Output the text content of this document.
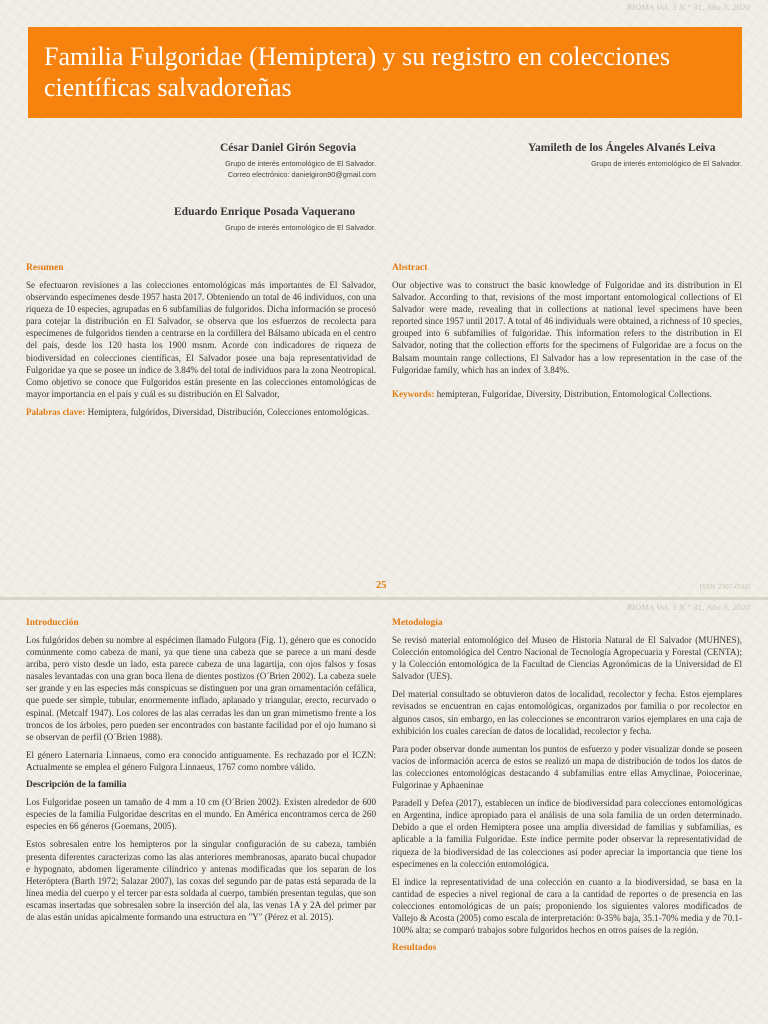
BIOMA Vol. 3 N.° 31, Año 3, 2020
Familia Fulgoridae (Hemiptera) y su registro en colecciones científicas salvadoreñas
César Daniel Girón Segovia
Grupo de interés entomológico de El Salvador.
Correo electrónico: danielgiron90@gmail.com
Yamileth de los Ángeles Alvanés Leiva
Grupo de interés entomológico de El Salvador.
Eduardo Enrique Posada Vaquerano
Grupo de interés entomológico de El Salvador.
Resumen

Se efectuaron revisiones a las colecciones entomológicas más importantes de El Salvador, observando especímenes desde 1957 hasta 2017. Obteniendo un total de 46 individuos, con una riqueza de 10 especies, agrupadas en 6 subfamilias de fulgoridos. Dicha información se procesó para cotejar la distribución en El Salvador, se observa que los esfuerzos de recolecta para especímenes de fulgoridos tienden a centrarse en la cordillera del Bálsamo ubicada en el centro del país, desde los 120 hasta los 1900 msnm. Acorde con indicadores de riqueza de biodiversidad en colecciones científicas, El Salvador posee una baja representatividad de Fulgoridae ya que se posee un índice de 3.84% del total de individuos para la zona Neotropical. Como objetivo se conoce que Fulgoridos están presente en las colecciones entomológicas de mayor importancia en el país y cuál es su distribución en El Salvador,

Palabras clave: Hemiptera, fulgóridos, Diversidad, Distribución, Colecciones entomológicas.

Abstract

Our objective was to construct the basic knowledge of Fulgoridae and its distribution in El Salvador. According to that, revisions of the most important entomological collections of El Salvador were made, revealing that in collections at national level specimens have been reported since 1957 until 2017. A total of 46 individuals were obtained, a richness of 10 species, grouped into 6 subfamilies of fulgoridae. This information refers to the distribution in El Salvador, noting that the collection efforts for the specimens of Fulgoridae are a focus on the Balsam mountain range collections, El Salvador has a low representation in the case of the Fulgoridae family, which has an index of 3.84%.

Keywords: hemipteran, Fulgoridae, Diversity, Distribution, Entomological Collections.

25	ISSN 2307-0560
BIOMA Vol. 3 N.° 31, Año 3, 2020
Introducción

Los fulgóridos deben su nombre al espécimen llamado Fulgora (Fig. 1), género que es conocido comúnmente como cabeza de maní, ya que tiene una cabeza que se parece a un maní desde arriba, pero visto desde un lado, esta parece cabeza de una lagartija, con ojos falsos y fosas nasales levantadas con una gran boca llena de dientes postizos (O´Brien 2002). La cabeza suele ser grande y en las especies más conspicuas se distinguen por una gran ornamentación cefálica, que puede ser simple, tubular, enormemente inflado, aplanado y triangular, erecto, recurvado o espinal. (Metcalf 1947). Los colores de las alas cerradas les dan un gran mimetismo frente a los troncos de los árboles, pero pueden ser encontrados con bastante facilidad por el ojo humano si se observan de perfil (O´Brien 1988).

El género Laternaria Linnaeus, como era conocido antiguamente. Es rechazado por el ICZN: Actualmente se emplea el género Fulgora Linnaeus, 1767 como nombre válido.

Descripción de la familia

Los Fulgoridae poseen un tamaño de 4 mm a 10 cm (O´Brien 2002). Existen alrededor de 600 especies de la familia Fulgoridae descritas en el mundo. En América encontramos cerca de 260 especies en 66 géneros (Goemans, 2005).

Estos sobresalen entre los hemipteros por la singular configuración de su cabeza, también presenta diferentes caracterizas como las alas anteriores membranosas, aparato bucal chupador e hypognato, abdomen ligeramente cilíndrico y antenas modificadas que los separan de los Heteróptera (Barth 1972; Salazar 2007), las coxas del segundo par de patas está separada de la línea media del cuerpo y el tercer par esta soldada al cuerpo, también presentan tegulas, que son escamas insertadas que sobresalen sobre la inserción del ala, las venas 1A y 2A del primer par de alas están unidas apicalmente formando una estructura en "Y" (Pérez et al. 2015).

Metodología

Se revisó material entomológico del Museo de Historia Natural de El Salvador (MUHNES), Colección entomológica del Centro Nacional de Tecnología Agropecuaria y Forestal (CENTA); y la Colección entomológica de la Facultad de Ciencias Agronómicas de la Universidad de El Salvador (UES).

Del material consultado se obtuvieron datos de localidad, recolector y fecha. Estos ejemplares revisados se encuentran en cajas entomológicas, organizados por familia o por recolector en algunos casos, sin embargo, en las colecciones se encontraron varios ejemplares en una caja de exhibición los cuales carecían de datos de localidad, recolector y fecha.

Para poder observar donde aumentan los puntos de esfuerzo y poder visualizar donde se poseen vacíos de información acerca de estos se realizó un mapa de distribución de todos los datos de las colecciones entomológicas destacando 4 subfamilias entre ellas Amyclinae, Poiocerinae, Fulgorinae y Aphaeninae

Paradell y Defea (2017), establecen un índice de biodiversidad para colecciones entomológicas en Argentina, índice apropiado para el análisis de una sola familia de un orden determinado. Debido a que el orden Hemiptera posee una amplia diversidad de familias y subfamilias, es aplicable a la familia Fulgoridae. Este índice permite poder observar la representatividad de riqueza de la biodiversidad de las colecciones así poder apreciar la importancia que tiene los especímenes en la colección entomológica.

El índice la representatividad de una colección en cuanto a la biodiversidad, se basa en la cantidad de especies a nivel regional de cara a la cantidad de reportes o de presencia en las colecciones entomológicas de un país; proponiendo los siguientes valores modificados de Vallejo & Acosta (2005) como escala de interpretación: 0-35% baja, 35.1-70% media y de 70.1-100% alta; se comparó trabajos sobre fulgoridos hechos en otros países de la región.

Resultados
